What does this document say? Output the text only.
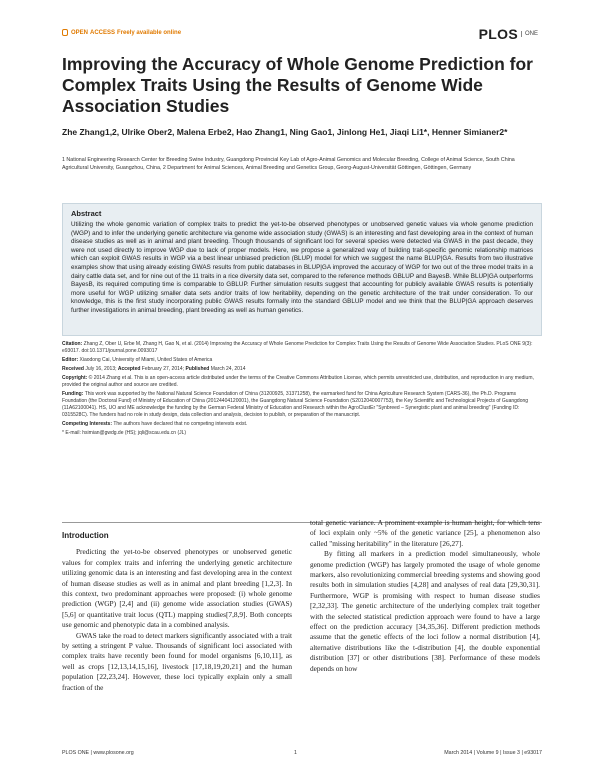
OPEN ACCESS Freely available online	PLOS	ONE
Improving the Accuracy of Whole Genome Prediction for Complex Traits Using the Results of Genome Wide Association Studies
Zhe Zhang1,2, Ulrike Ober2, Malena Erbe2, Hao Zhang1, Ning Gao1, Jinlong He1, Jiaqi Li1*, Henner Simianer2*
1 National Engineering Research Center for Breeding Swine Industry, Guangdong Provincial Key Lab of Agro-Animal Genomics and Molecular Breeding, College of Animal Science, South China Agricultural University, Guangzhou, China, 2 Department for Animal Sciences, Animal Breeding and Genetics Group, Georg-August-Universität Göttingen, Göttingen, Germany
Abstract
Utilizing the whole genomic variation of complex traits to predict the yet-to-be observed phenotypes or unobserved genetic values via whole genome prediction (WGP) and to infer the underlying genetic architecture via genome wide association study (GWAS) is an interesting and fast developing area in the context of human disease studies as well as in animal and plant breeding. Though thousands of significant loci for several species were detected via GWAS in the past decade, they were not used directly to improve WGP due to lack of proper models. Here, we propose a generalized way of building trait-specific genomic relationship matrices which can exploit GWAS results in WGP via a best linear unbiased prediction (BLUP) model for which we suggest the name BLUP|GA. Results from two illustrative examples show that using already existing GWAS results from public databases in BLUP|GA improved the accuracy of WGP for two out of the three model traits in a dairy cattle data set, and for nine out of the 11 traits in a rice diversity data set, compared to the reference methods GBLUP and BayesB. While BLUP|GA outperforms BayesB, its required computing time is comparable to GBLUP. Further simulation results suggest that accounting for publicly available GWAS results is potentially more useful for WGP utilizing smaller data sets and/or traits of low heritability, depending on the genetic architecture of the trait under consideration. To our knowledge, this is the first study incorporating public GWAS results formally into the standard GBLUP model and we think that the BLUP|GA approach deserves further investigations in animal breeding, plant breeding as well as human genetics.

Citation: Zhang Z, Ober U, Erbe M, Zhang H, Gao N, et al. (2014) Improving the Accuracy of Whole Genome Prediction for Complex Traits Using the Results of Genome Wide Association Studies. PLoS ONE 9(3): e93017. doi:10.1371/journal.pone.0093017

Editor: Xiaodong Cai, University of Miami, United States of America

Received July 16, 2013; Accepted February 27, 2014; Published March 24, 2014

Copyright: © 2014 Zhang et al. This is an open-access article distributed under the terms of the Creative Commons Attribution License, which permits unrestricted use, distribution, and reproduction in any medium, provided the original author and source are credited.

Funding: This work was supported by the National Natural Science Foundation of China (31200925, 31371258), the earmarked fund for China Agriculture Research System (CARS-36), the Ph.D. Programs Foundation (the Doctoral Fund) of Ministry of Education of China (20124404120001), the Guangdong Natural Science Foundation (S2012040007753), the Key Scientific and Technological Projects of Guangdong (11A62100041). HS, UO and ME acknowledge the funding by the German Federal Ministry of Education and Research within the AgroClustEr "Synbreed – Synergistic plant and animal breeding" (Funding ID: 0315528C). The funders had no role in study design, data collection and analysis, decision to publish, or preparation of the manuscript.

Competing Interests: The authors have declared that no competing interests exist.

* E-mail: hsimian@gwdg.de (HS); jqli@scau.edu.cn (JL)

Introduction

Predicting the yet-to-be observed phenotypes or unobserved genetic values for complex traits and inferring the underlying genetic architecture utilizing genomic data is an interesting and fast developing area in the context of human disease studies as well as in animal and plant breeding [1,2,3]. In this context, two predominant approaches were proposed: (i) whole genome prediction (WGP) [2,4] and (ii) genome wide association studies (GWAS) [5,6] or quantitative trait locus (QTL) mapping studies[7,8,9]. Both concepts use genomic and phenotypic data in a combined analysis.

GWAS take the road to detect markers significantly associated with a trait by setting a stringent P value. Thousands of significant loci associated with complex traits have recently been found for model organisms [6,10,11], as well as crops [12,13,14,15,16], livestock [17,18,19,20,21] and the human population [22,23,24]. However, these loci typically explain only a small fraction of the

total genetic variance. A prominent example is human height, for which tens of loci explain only ~5% of the genetic variance [25], a phenomenon also called "missing heritability" in the literature [26,27].

By fitting all markers in a prediction model simultaneously, whole genome prediction (WGP) has largely promoted the usage of whole genome markers, also revolutionizing commercial breeding systems and showing good results both in simulation studies [4,28] and analyses of real data [29,30,31]. Furthermore, WGP is promising with respect to human disease studies [2,32,33]. The genetic architecture of the underlying complex trait together with the selected statistical prediction approach were found to have a large effect on the prediction accuracy [34,35,36]. Different prediction methods assume that the genetic effects of the loci follow a normal distribution [4], alternative distributions like the t-distribution [4], the double exponential distribution [37] or other distributions [38]. Performance of these models depends on how

PLOS ONE | www.plosone.org	1	March 2014 | Volume 9 | Issue 3 | e93017
